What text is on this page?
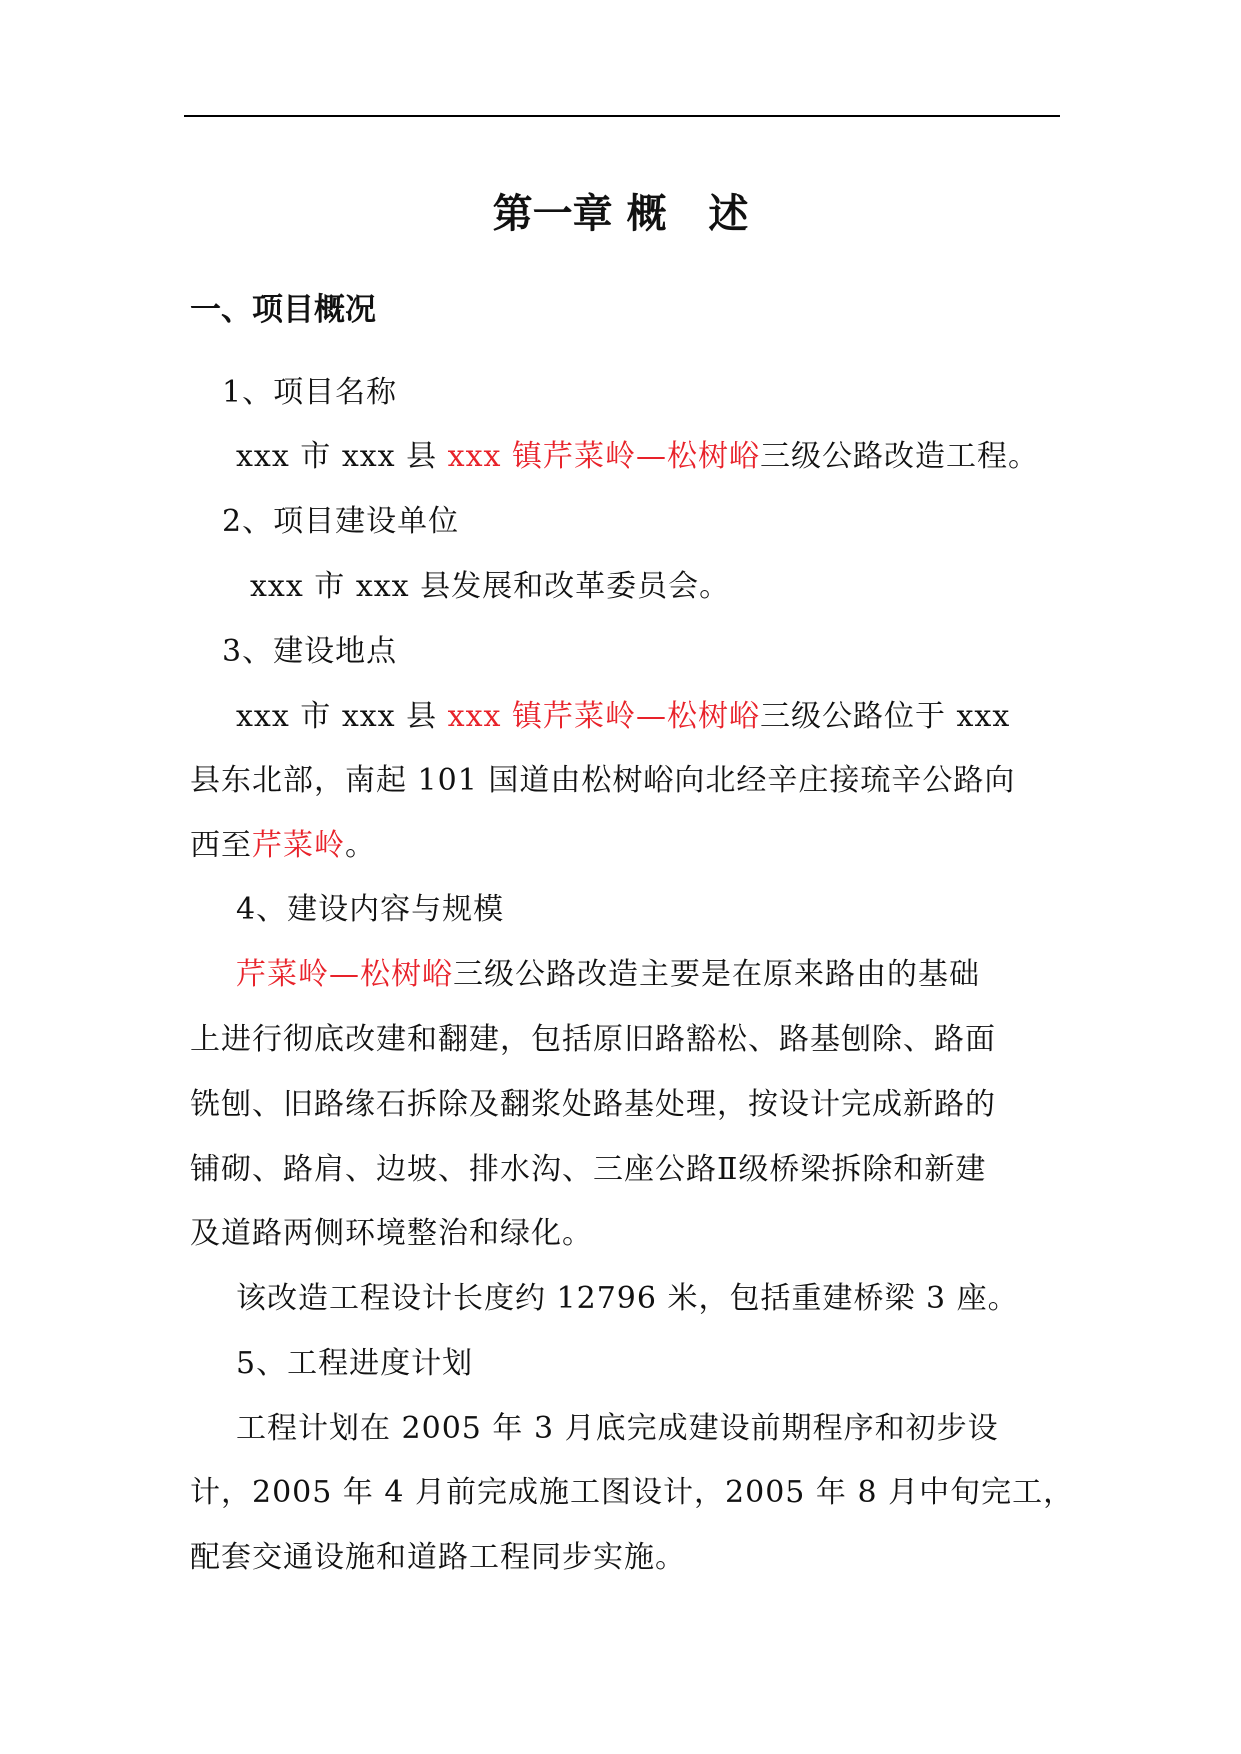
第一章 概   述
一、项目概况
1、项目名称
xxx 市 xxx 县 xxx 镇芹菜岭—松树峪三级公路改造工程。
2、项目建设单位
xxx 市 xxx 县发展和改革委员会。
3、建设地点
xxx 市 xxx 县 xxx 镇芹菜岭—松树峪三级公路位于 xxx
县东北部，南起 101 国道由松树峪向北经辛庄接琉辛公路向
西至芹菜岭。
4、建设内容与规模
芹菜岭—松树峪三级公路改造主要是在原来路由的基础
上进行彻底改建和翻建，包括原旧路豁松、路基刨除、路面
铣刨、旧路缘石拆除及翻浆处路基处理，按设计完成新路的
铺砌、路肩、边坡、排水沟、三座公路Ⅱ级桥梁拆除和新建
及道路两侧环境整治和绿化。
该改造工程设计长度约 12796 米，包括重建桥梁 3 座。
5、工程进度计划
工程计划在 2005 年 3 月底完成建设前期程序和初步设
计，2005 年 4 月前完成施工图设计，2005 年 8 月中旬完工，
配套交通设施和道路工程同步实施。
